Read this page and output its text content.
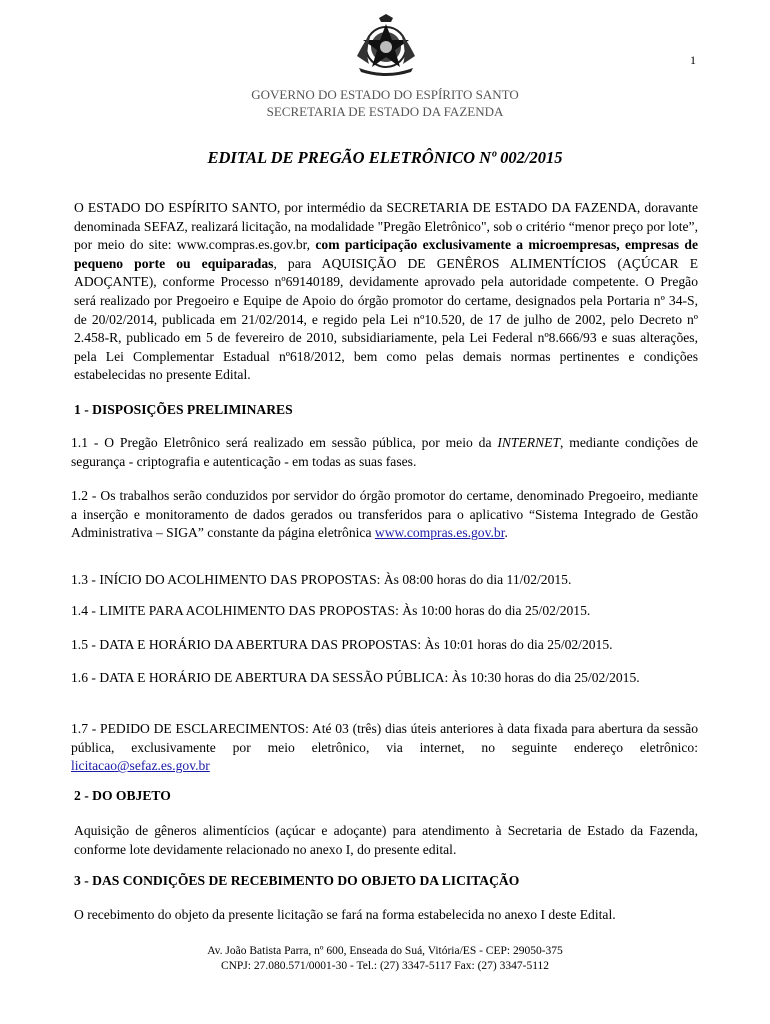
1
GOVERNO DO ESTADO DO ESPÍRITO SANTO
SECRETARIA DE ESTADO DA FAZENDA
EDITAL DE PREGÃO ELETRÔNICO Nº 002/2015
O ESTADO DO ESPÍRITO SANTO, por intermédio da SECRETARIA DE ESTADO DA FAZENDA, doravante denominada SEFAZ, realizará licitação, na modalidade "Pregão Eletrônico", sob o critério “menor preço por lote”, por meio do site: www.compras.es.gov.br, com participação exclusivamente a microempresas, empresas de pequeno porte ou equiparadas, para AQUISIÇÃO DE GENÊROS ALIMENTÍCIOS (AÇÚCAR E ADOÇANTE), conforme Processo nº69140189, devidamente aprovado pela autoridade competente. O Pregão será realizado por Pregoeiro e Equipe de Apoio do órgão promotor do certame, designados pela Portaria nº 34-S, de 20/02/2014, publicada em 21/02/2014, e regido pela Lei nº10.520, de 17 de julho de 2002, pelo Decreto nº 2.458-R, publicado em 5 de fevereiro de 2010, subsidiariamente, pela Lei Federal nº8.666/93 e suas alterações, pela Lei Complementar Estadual nº618/2012, bem como pelas demais normas pertinentes e condições estabelecidas no presente Edital.
1 - DISPOSIÇÕES PRELIMINARES
1.1 - O Pregão Eletrônico será realizado em sessão pública, por meio da INTERNET, mediante condições de segurança - criptografia e autenticação - em todas as suas fases.
1.2 - Os trabalhos serão conduzidos por servidor do órgão promotor do certame, denominado Pregoeiro, mediante a inserção e monitoramento de dados gerados ou transferidos para o aplicativo “Sistema Integrado de Gestão Administrativa – SIGA” constante da página eletrônica www.compras.es.gov.br.
1.3 - INÍCIO DO ACOLHIMENTO DAS PROPOSTAS: Às 08:00 horas do dia 11/02/2015.
1.4 - LIMITE PARA ACOLHIMENTO DAS PROPOSTAS: Às 10:00 horas do dia 25/02/2015.
1.5 - DATA E HORÁRIO DA ABERTURA DAS PROPOSTAS: Às 10:01 horas do dia 25/02/2015.
1.6 - DATA E HORÁRIO DE ABERTURA DA SESSÃO PÚBLICA: Às 10:30 horas do dia 25/02/2015.
1.7 - PEDIDO DE ESCLARECIMENTOS: Até 03 (três) dias úteis anteriores à data fixada para abertura da sessão pública, exclusivamente por meio eletrônico, via internet, no seguinte endereço eletrônico: licitacao@sefaz.es.gov.br
2 - DO OBJETO
Aquisição de gêneros alimentícios (açúcar e adoçante) para atendimento à Secretaria de Estado da Fazenda, conforme lote devidamente relacionado no anexo I, do presente edital.
3 - DAS CONDIÇÕES DE RECEBIMENTO DO OBJETO DA LICITAÇÃO
O recebimento do objeto da presente licitação se fará na forma estabelecida no anexo I deste Edital.
Av. João Batista Parra, nº 600, Enseada do Suá, Vitória/ES - CEP: 29050-375
CNPJ: 27.080.571/0001-30 - Tel.: (27) 3347-5117 Fax: (27) 3347-5112
